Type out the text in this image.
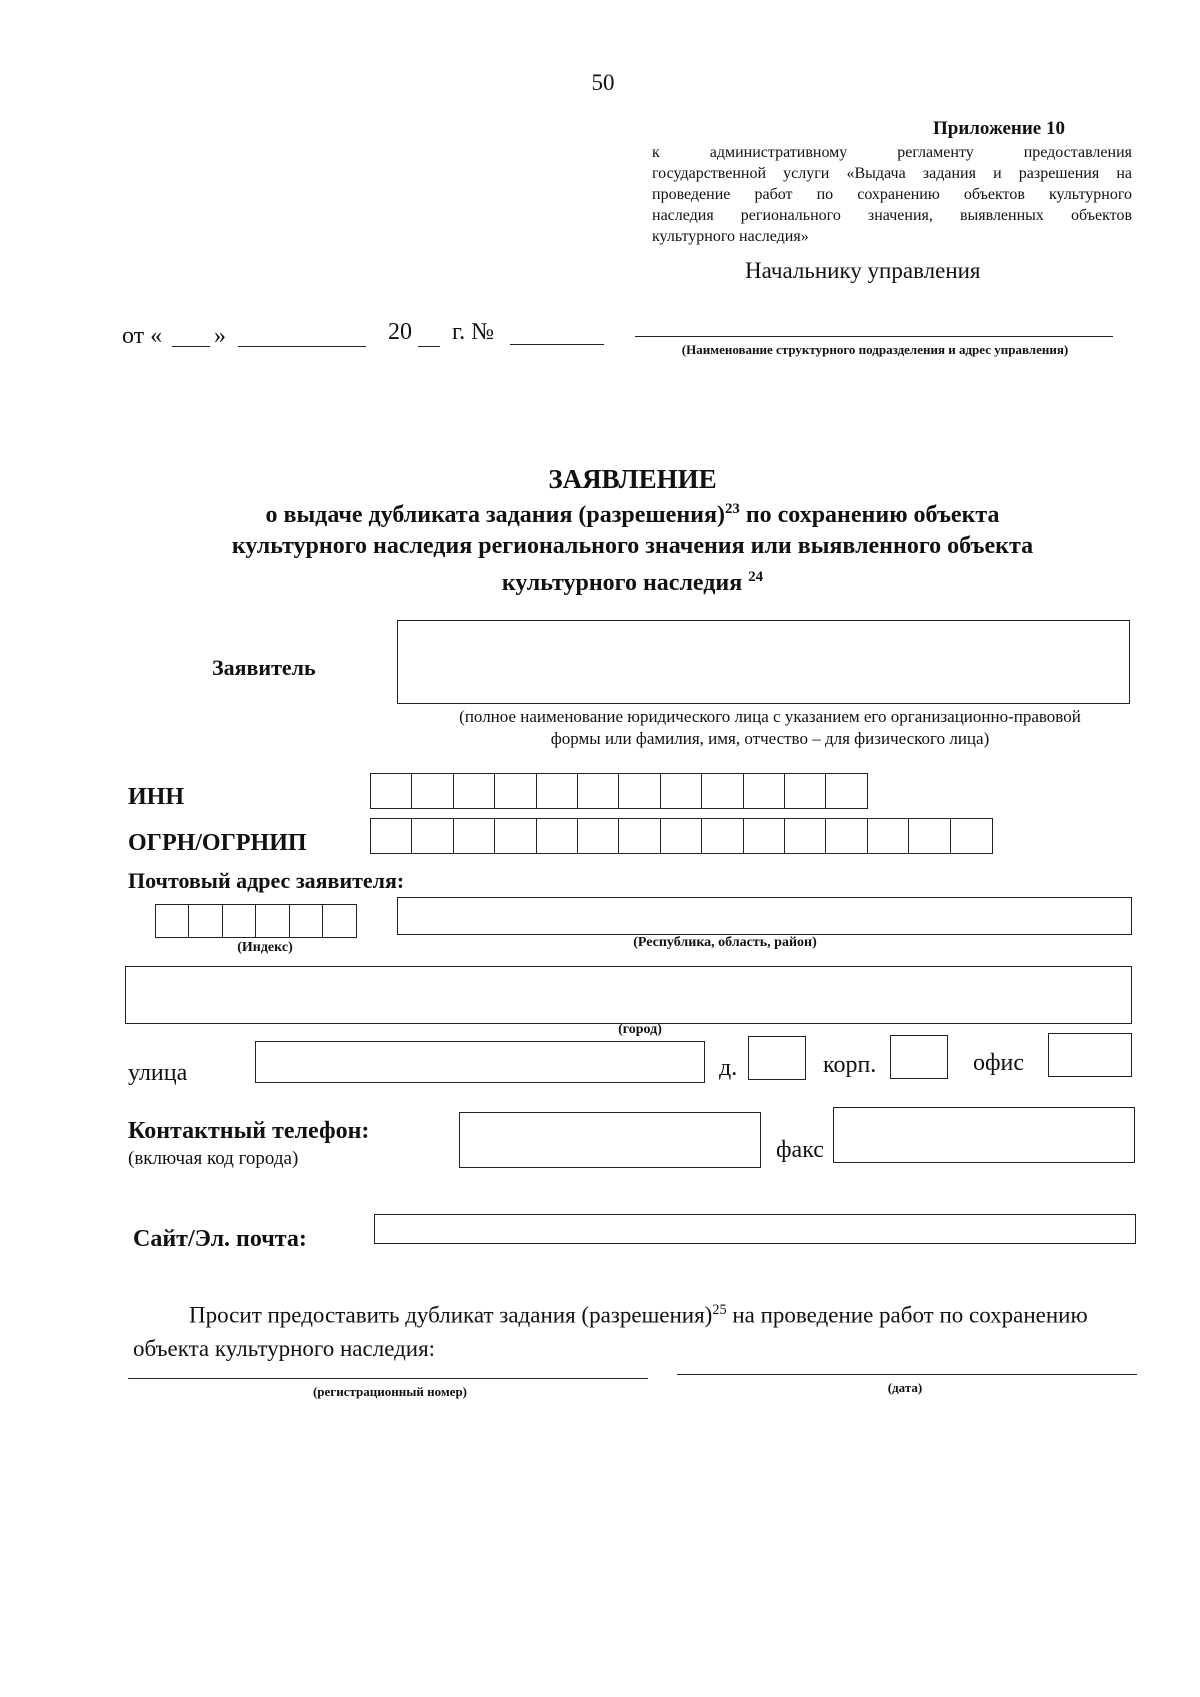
50
Приложение 10
к	административному	регламенту	предоставления
государственной услуги «Выдача задания и разрешения на
проведение работ по сохранению объектов культурного
наследия регионального значения, выявленных объектов
культурного наследия»
Начальнику управления
от « »	20 г. №
(Наименование структурного подразделения и адрес управления)
ЗАЯВЛЕНИЕ
о выдаче дубликата задания (разрешения)$^{23}$ по сохранению объекта
культурного наследия регионального значения или выявленного объекта
культурного наследия $^{24}$
Заявитель
(полное наименование юридического лица с указанием его организационно-правовой
формы или фамилия, имя, отчество – для физического лица)
ИНН
ОГРН/ОГРНИП
Почтовый адрес заявителя:
(Индекс)	(Республика, область, район)
(город)
улица	д.	корп.	офис
Контактный телефон:
(включая код города)	факс
Сайт/Эл. почта:
Просит предоставить дубликат задания (разрешения)$^{25}$ на проведение работ по сохранению
объекта культурного наследия:
(регистрационный номер)	(дата)
